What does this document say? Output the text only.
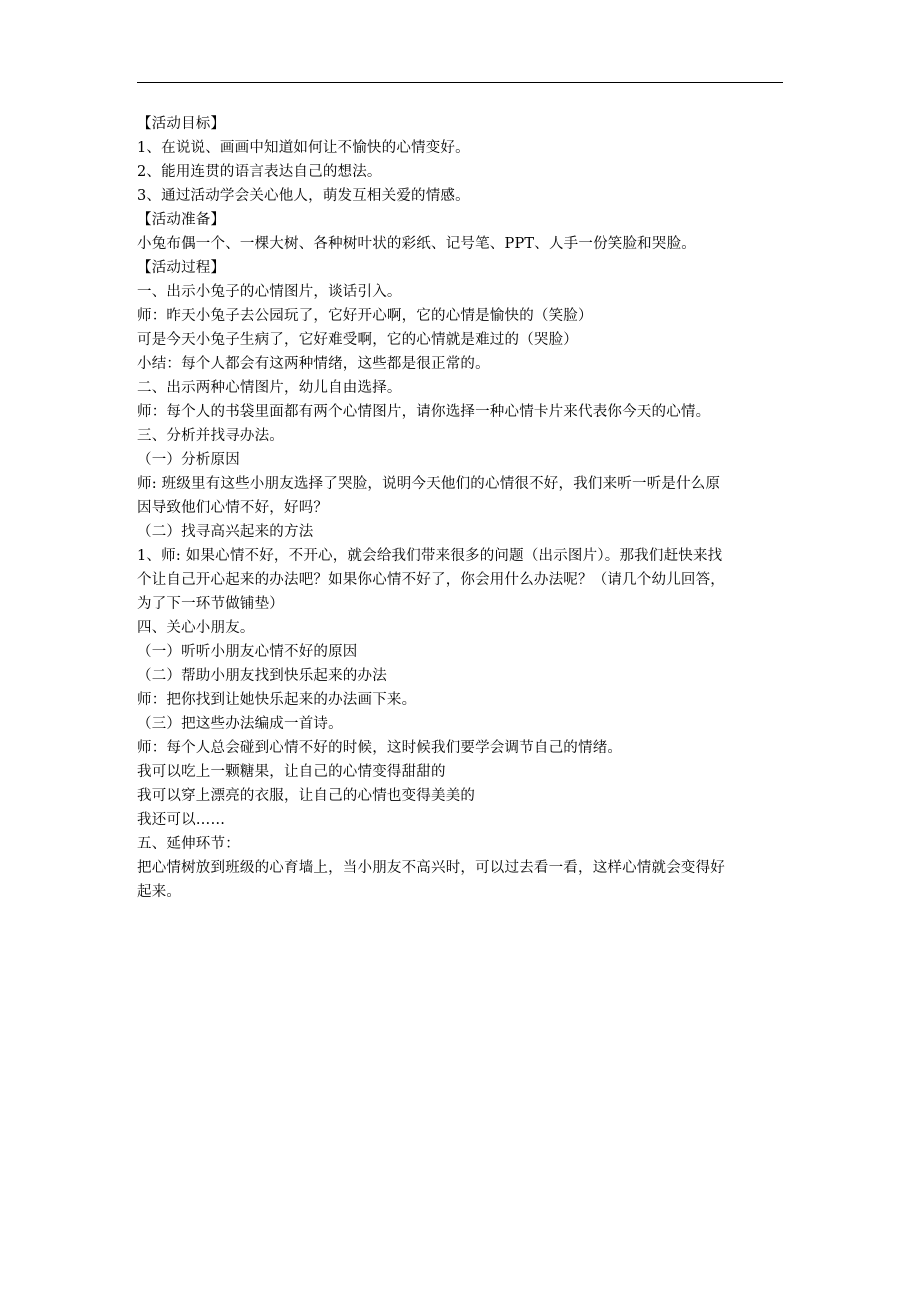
【活动目标】
1、在说说、画画中知道如何让不愉快的心情变好。
2、能用连贯的语言表达自己的想法。
3、通过活动学会关心他人，萌发互相关爱的情感。
【活动准备】
小兔布偶一个、一棵大树、各种树叶状的彩纸、记号笔、PPT、人手一份笑脸和哭脸。
【活动过程】
一、出示小兔子的心情图片，谈话引入。
师：昨天小兔子去公园玩了，它好开心啊，它的心情是愉快的（笑脸）
可是今天小兔子生病了，它好难受啊，它的心情就是难过的（哭脸）
小结：每个人都会有这两种情绪，这些都是很正常的。
二、出示两种心情图片，幼儿自由选择。
师：每个人的书袋里面都有两个心情图片，请你选择一种心情卡片来代表你今天的心情。
三、分析并找寻办法。
（一）分析原因
师: 班级里有这些小朋友选择了哭脸，说明今天他们的心情很不好，我们来听一听是什么原
因导致他们心情不好，好吗？
（二）找寻高兴起来的方法
1、师: 如果心情不好，不开心，就会给我们带来很多的问题（出示图片）。那我们赶快来找
个让自己开心起来的办法吧？如果你心情不好了，你会用什么办法呢？（请几个幼儿回答，
为了下一环节做铺垫）
四、关心小朋友。
（一）听听小朋友心情不好的原因
（二）帮助小朋友找到快乐起来的办法
师：把你找到让她快乐起来的办法画下来。
（三）把这些办法编成一首诗。
师：每个人总会碰到心情不好的时候，这时候我们要学会调节自己的情绪。
我可以吃上一颗糖果，让自己的心情变得甜甜的
我可以穿上漂亮的衣服，让自己的心情也变得美美的
我还可以……
五、延伸环节：
把心情树放到班级的心育墙上，当小朋友不高兴时，可以过去看一看，这样心情就会变得好
起来。
